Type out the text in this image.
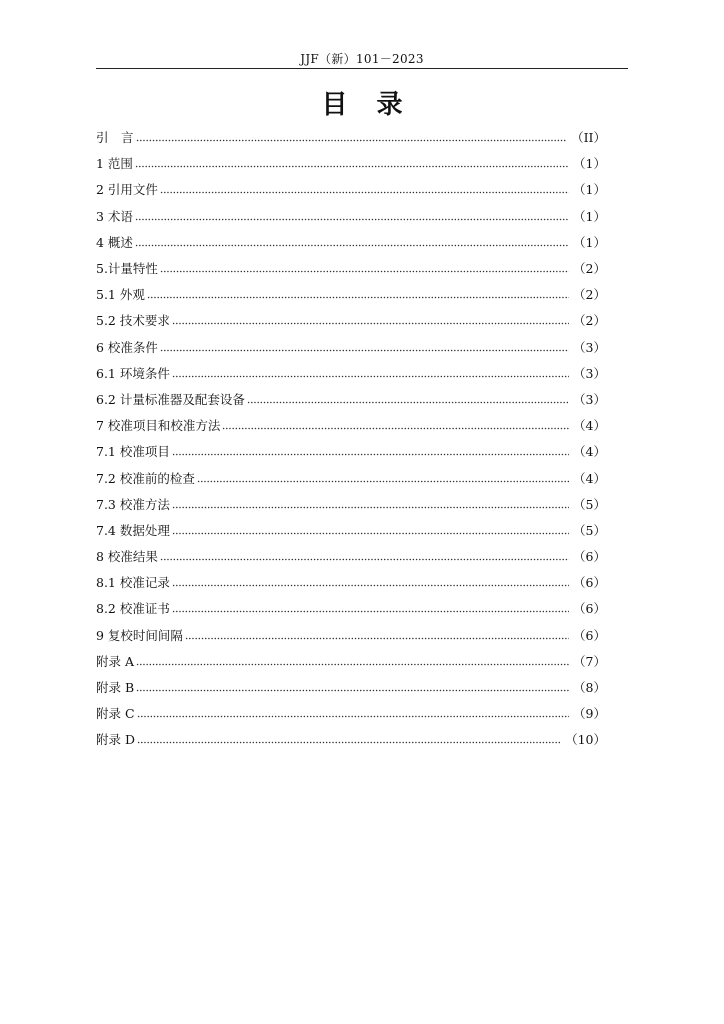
JJF（新）101－2023
目 录
引　言	（II）
1 范围	（1）
2 引用文件	（1）
3 术语	（1）
4 概述	（1）
5.计量特性	（2）
5.1 外观	（2）
5.2 技术要求	（2）
6 校准条件	（3）
6.1 环境条件	（3）
6.2 计量标准器及配套设备	（3）
7 校准项目和校准方法	（4）
7.1 校准项目	（4）
7.2 校准前的检查	（4）
7.3 校准方法	（5）
7.4 数据处理	（5）
8 校准结果	（6）
8.1 校准记录	（6）
8.2 校准证书	（6）
9 复校时间间隔	（6）
附录 A	（7）
附录 B	（8）
附录 C	（9）
附录 D	（10）
